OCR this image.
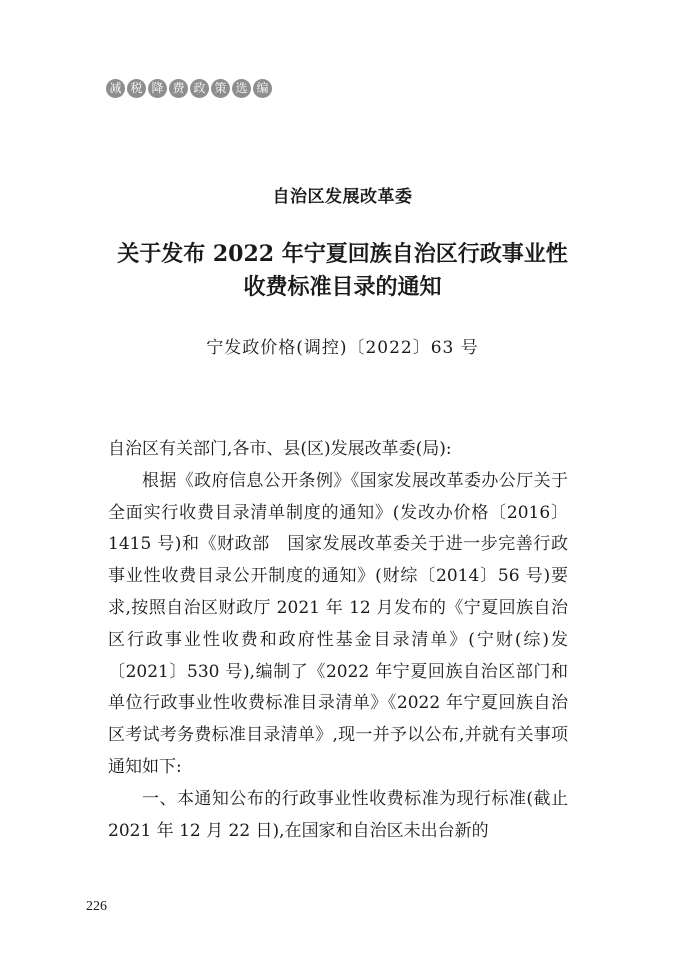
减 税 降 费 政 策 选 编
自治区发展改革委
关于发布 2022 年宁夏回族自治区行政事业性
收费标准目录的通知
宁发政价格(调控)〔2022〕63 号

自治区有关部门,各市、县(区)发展改革委(局):

根据《政府信息公开条例》《国家发展改革委办公厅关于全面实行收费目录清单制度的通知》(发改办价格〔2016〕1415 号)和《财政部　国家发展改革委关于进一步完善行政事业性收费目录公开制度的通知》(财综〔2014〕56 号)要求,按照自治区财政厅 2021 年 12 月发布的《宁夏回族自治区行政事业性收费和政府性基金目录清单》(宁财(综)发〔2021〕530 号),编制了《2022 年宁夏回族自治区部门和单位行政事业性收费标准目录清单》《2022 年宁夏回族自治区考试考务费标准目录清单》,现一并予以公布,并就有关事项通知如下:

一、本通知公布的行政事业性收费标准为现行标准(截止 2021 年 12 月 22 日),在国家和自治区未出台新的

226
